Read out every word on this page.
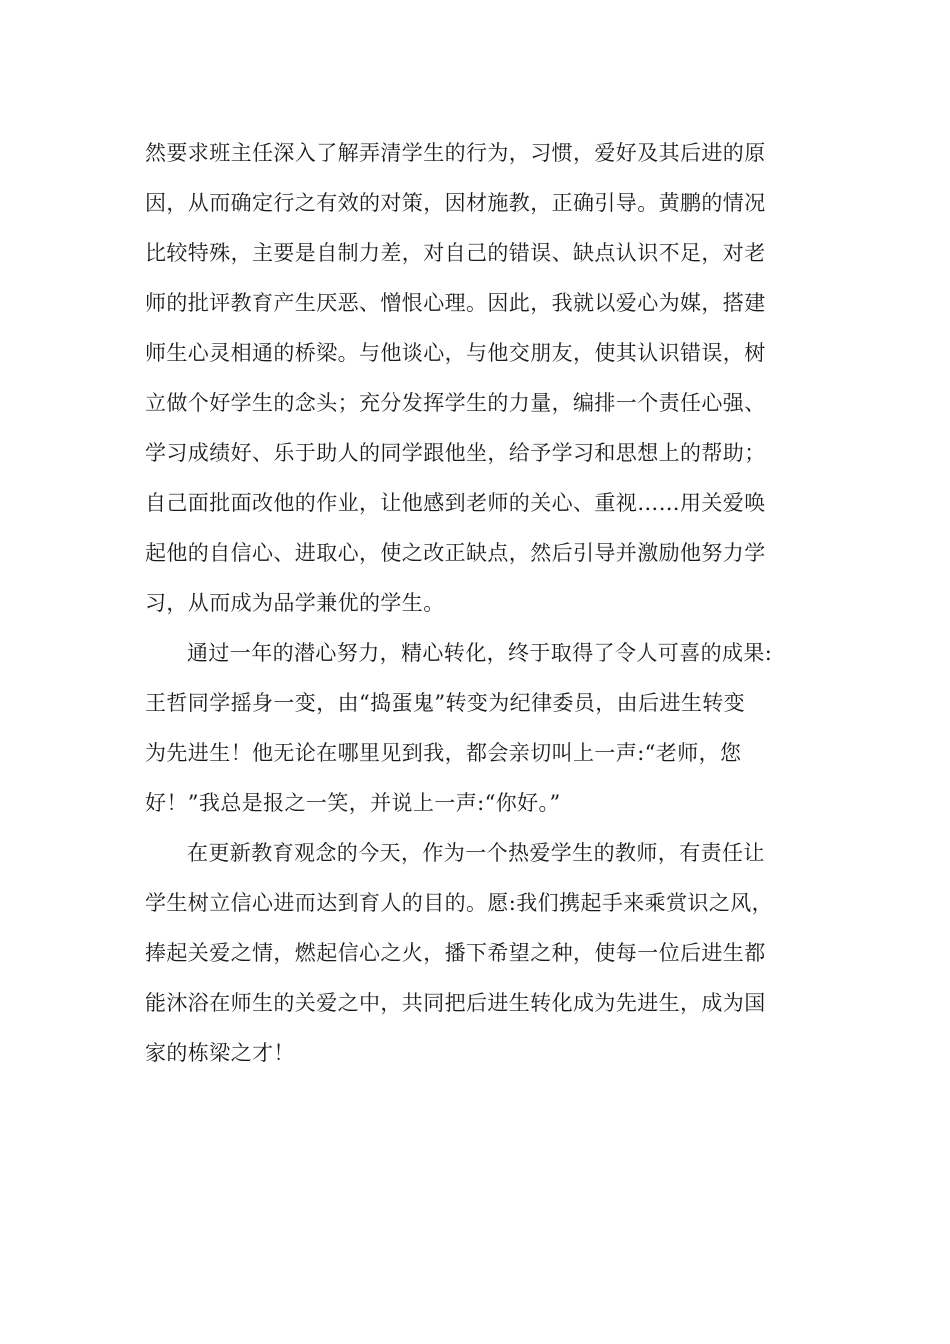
然要求班主任深入了解弄清学生的行为，习惯，爱好及其后进的原
因，从而确定行之有效的对策，因材施教，正确引导。黄鹏的情况
比较特殊，主要是自制力差，对自己的错误、缺点认识不足，对老
师的批评教育产生厌恶、憎恨心理。因此，我就以爱心为媒，搭建
师生心灵相通的桥梁。与他谈心，与他交朋友，使其认识错误，树
立做个好学生的念头；充分发挥学生的力量，编排一个责任心强、
学习成绩好、乐于助人的同学跟他坐，给予学习和思想上的帮助；
自己面批面改他的作业，让他感到老师的关心、重视……用关爱唤
起他的自信心、进取心，使之改正缺点，然后引导并激励他努力学
习，从而成为品学兼优的学生。
通过一年的潜心努力，精心转化，终于取得了令人可喜的成果:
王哲同学摇身一变，由“捣蛋鬼”转变为纪律委员，由后进生转变
为先进生！他无论在哪里见到我，都会亲切叫上一声:“老师，您
好！”我总是报之一笑，并说上一声:“你好。”
在更新教育观念的今天，作为一个热爱学生的教师，有责任让
学生树立信心进而达到育人的目的。愿:我们携起手来乘赏识之风，
捧起关爱之情，燃起信心之火，播下希望之种，使每一位后进生都
能沐浴在师生的关爱之中，共同把后进生转化成为先进生，成为国
家的栋梁之才！
